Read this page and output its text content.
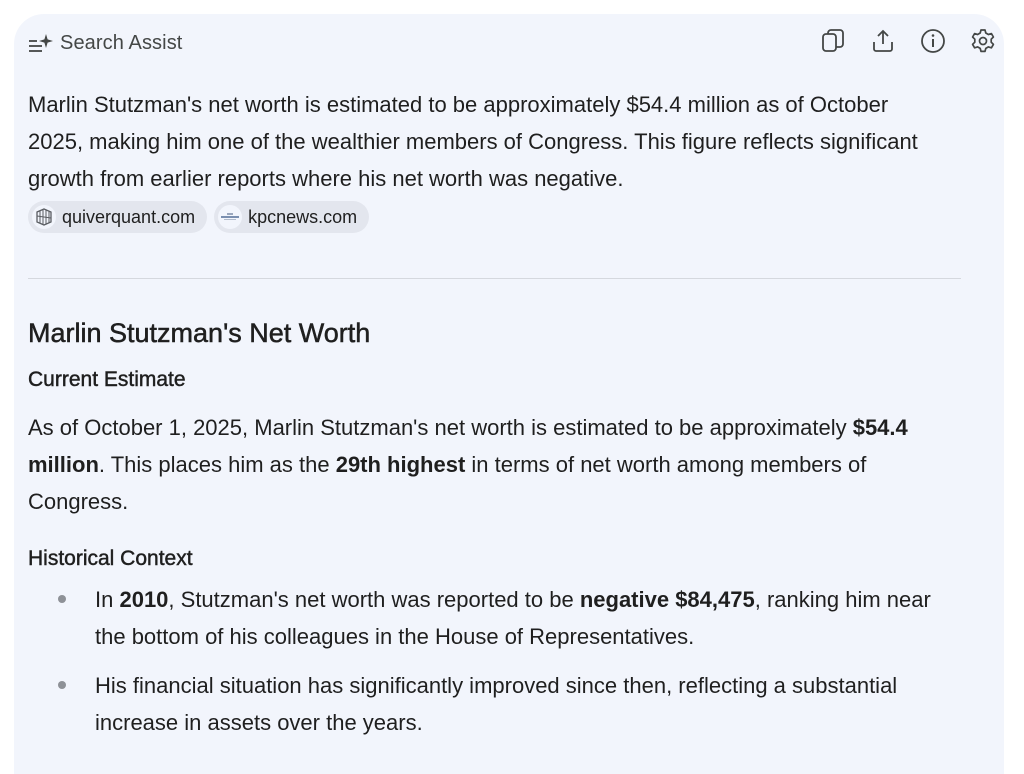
Search Assist

Marlin Stutzman's net worth is estimated to be approximately $54.4 million as of October 2025, making him one of the wealthier members of Congress. This figure reflects significant growth from earlier reports where his net worth was negative.

quiverquant.com	kpcnews.com
Marlin Stutzman's Net Worth
Current Estimate

As of October 1, 2025, Marlin Stutzman's net worth is estimated to be approximately $54.4 million. This places him as the 29th highest in terms of net worth among members of Congress.

Historical Context
In 2010, Stutzman's net worth was reported to be negative $84,475, ranking him near the bottom of his colleagues in the House of Representatives.
His financial situation has significantly improved since then, reflecting a substantial increase in assets over the years.
